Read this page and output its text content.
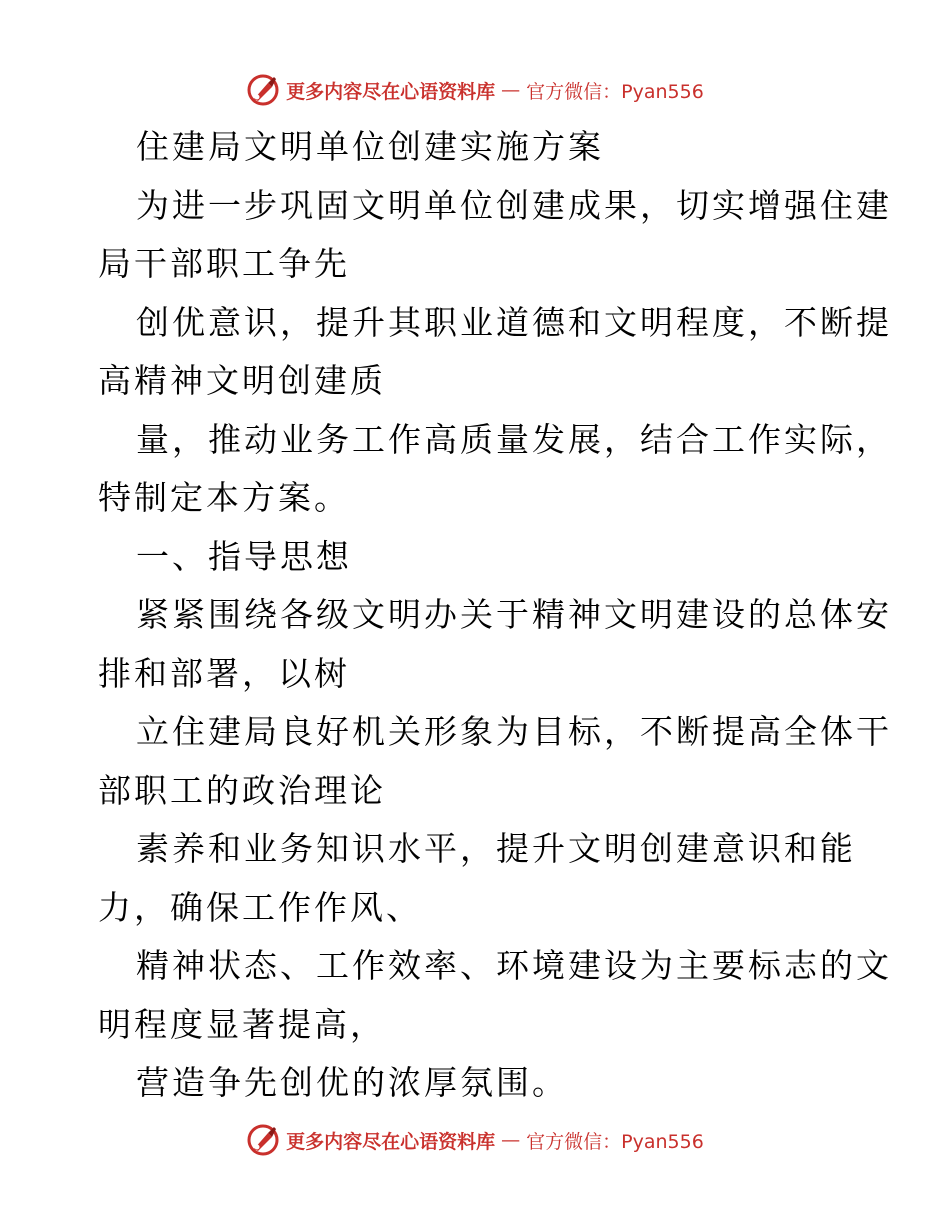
更多内容尽在心语资料库 — 官方微信：Pyan556
住建局文明单位创建实施方案
为进一步巩固文明单位创建成果，切实增强住建
局干部职工争先
创优意识，提升其职业道德和文明程度，不断提
高精神文明创建质
量，推动业务工作高质量发展，结合工作实际，
特制定本方案。
一、指导思想
紧紧围绕各级文明办关于精神文明建设的总体安
排和部署，以树
立住建局良好机关形象为目标，不断提高全体干
部职工的政治理论
素养和业务知识水平，提升文明创建意识和能
力，确保工作作风、
精神状态、工作效率、环境建设为主要标志的文
明程度显著提高，
营造争先创优的浓厚氛围。
更多内容尽在心语资料库 — 官方微信：Pyan556
